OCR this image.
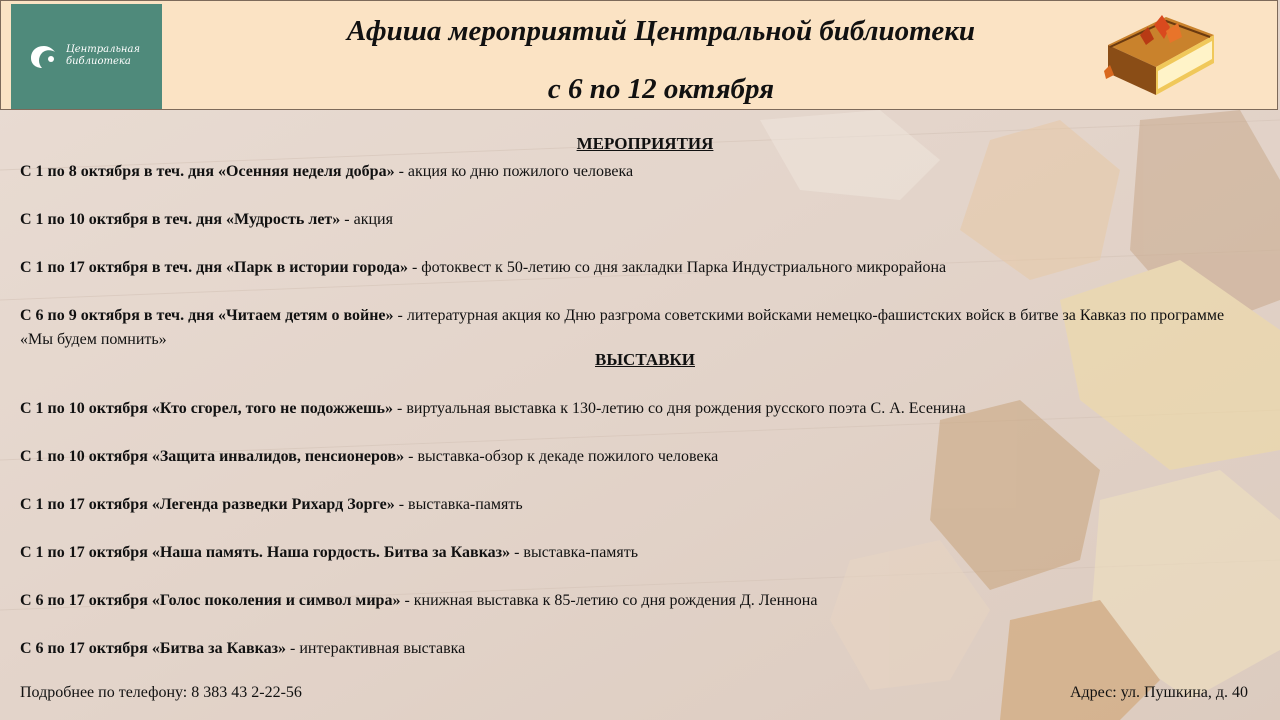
Центральная
библиотека
Афиша мероприятий Центральной библиотеки
с 6 по 12 октября
МЕРОПРИЯТИЯ
С 1 по 8 октября в теч. дня «Осенняя неделя добра» - акция ко дню пожилого человека
С 1 по 10 октября в теч. дня «Мудрость лет» - акция
С 1 по 17 октября в теч. дня «Парк в истории города» - фотоквест к 50-летию со дня закладки Парка Индустриального микрорайона
С 6 по 9 октября в теч. дня «Читаем детям о войне» - литературная акция ко Дню разгрома советскими войсками немецко-фашистских войск в битве за Кавказ по программе «Мы будем помнить»
ВЫСТАВКИ
С 1 по 10 октября «Кто сгорел, того не подожжешь» - виртуальная выставка к 130-летию со дня рождения русского поэта С. А. Есенина
С 1 по 10 октября «Защита инвалидов, пенсионеров» - выставка-обзор к декаде пожилого человека
С 1 по 17 октября «Легенда разведки Рихард Зорге» - выставка-память
С 1 по 17 октября «Наша память. Наша гордость. Битва за Кавказ» - выставка-память
С 6 по 17 октября «Голос поколения и символ мира» - книжная выставка к 85-летию со дня рождения Д. Леннона
С 6 по 17 октября «Битва за Кавказ» - интерактивная выставка
Подробнее по телефону: 8 383 43 2-22-56	Адрес: ул. Пушкина, д. 40
